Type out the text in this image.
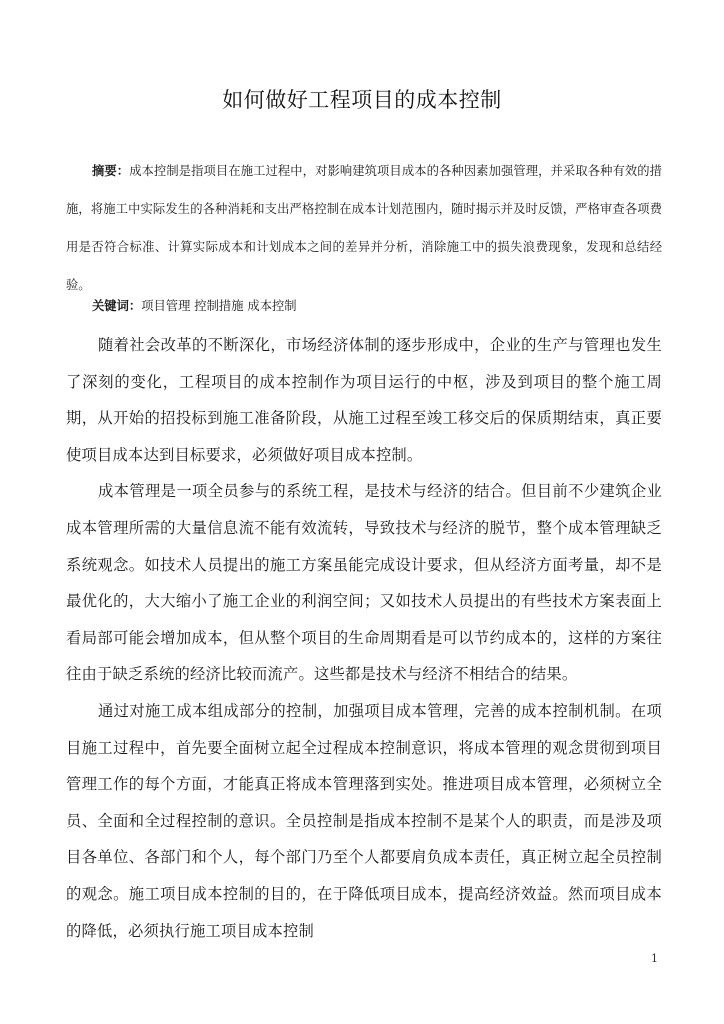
如何做好工程项目的成本控制

摘要：成本控制是指项目在施工过程中，对影响建筑项目成本的各种因素加强管理，并采取各种有效的措施，将施工中实际发生的各种消耗和支出严格控制在成本计划范围内，随时揭示并及时反馈，严格审查各项费用是否符合标准、计算实际成本和计划成本之间的差异并分析，消除施工中的损失浪费现象，发现和总结经验。

关键词：项目管理 控制措施 成本控制

随着社会改革的不断深化，市场经济体制的逐步形成中，企业的生产与管理也发生了深刻的变化，工程项目的成本控制作为项目运行的中枢，涉及到项目的整个施工周期，从开始的招投标到施工准备阶段，从施工过程至竣工移交后的保质期结束，真正要使项目成本达到目标要求，必须做好项目成本控制。

成本管理是一项全员参与的系统工程，是技术与经济的结合。但目前不少建筑企业成本管理所需的大量信息流不能有效流转，导致技术与经济的脱节，整个成本管理缺乏系统观念。如技术人员提出的施工方案虽能完成设计要求，但从经济方面考量，却不是最优化的，大大缩小了施工企业的利润空间；又如技术人员提出的有些技术方案表面上看局部可能会增加成本，但从整个项目的生命周期看是可以节约成本的，这样的方案往往由于缺乏系统的经济比较而流产。这些都是技术与经济不相结合的结果。

通过对施工成本组成部分的控制，加强项目成本管理，完善的成本控制机制。在项目施工过程中，首先要全面树立起全过程成本控制意识，将成本管理的观念贯彻到项目管理工作的每个方面，才能真正将成本管理落到实处。推进项目成本管理，必须树立全员、全面和全过程控制的意识。全员控制是指成本控制不是某个人的职责，而是涉及项目各单位、各部门和个人，每个部门乃至个人都要肩负成本责任，真正树立起全员控制的观念。施工项目成本控制的目的，在于降低项目成本，提高经济效益。然而项目成本的降低，必须执行施工项目成本控制

1
